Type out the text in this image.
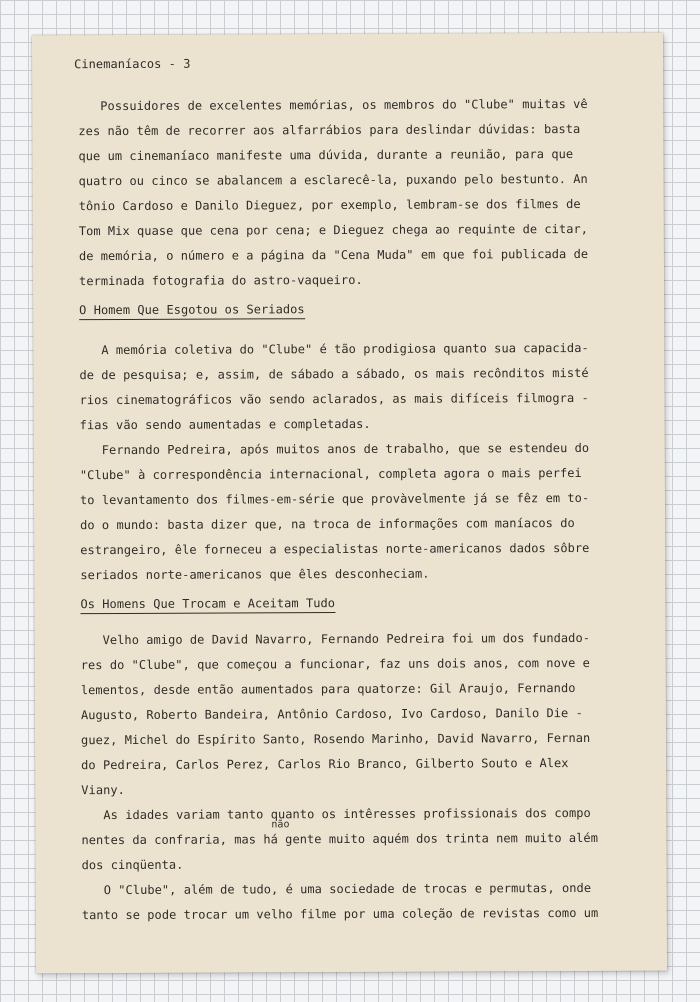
Cinemaníacos - 3
Possuidores de excelentes memórias, os membros do "Clube" muitas vê
zes não têm de recorrer aos alfarrábios para deslindar dúvidas: basta
que um cinemaníaco manifeste uma dúvida, durante a reunião, para que
quatro ou cinco se abalancem a esclarecê-la, puxando pelo bestunto. An
tônio Cardoso e Danilo Dieguez, por exemplo, lembram-se dos filmes de
Tom Mix quase que cena por cena; e Dieguez chega ao requinte de citar,
de memória, o número e a página da "Cena Muda" em que foi publicada de
terminada fotografia do astro-vaqueiro.
O Homem Que Esgotou os Seriados
A memória coletiva do "Clube" é tão prodigiosa quanto sua capacida-
de de pesquisa; e, assim, de sábado a sábado, os mais recônditos misté
rios cinematográficos vão sendo aclarados, as mais difíceis filmogra -
fias vão sendo aumentadas e completadas.
Fernando Pedreira, após muitos anos de trabalho, que se estendeu do
"Clube" à correspondência internacional, completa agora o mais perfei
to levantamento dos filmes-em-série que provàvelmente já se fêz em to-
do o mundo: basta dizer que, na troca de informações com maníacos do
estrangeiro, êle forneceu a especialistas norte-americanos dados sôbre
seriados norte-americanos que êles desconheciam.
Os Homens Que Trocam e Aceitam Tudo
Velho amigo de David Navarro, Fernando Pedreira foi um dos fundado-
res do "Clube", que começou a funcionar, faz uns dois anos, com nove e
lementos, desde então aumentados para quatorze: Gil Araujo, Fernando
Augusto, Roberto Bandeira, Antônio Cardoso, Ivo Cardoso, Danilo Die -
guez, Michel do Espírito Santo, Rosendo Marinho, David Navarro, Fernan
do Pedreira, Carlos Perez, Carlos Rio Branco, Gilberto Souto e Alex
Viany.
As idades variam tanto quanto os intêresses profissionais dos compo
não
nentes da confraria, mas há gente muito aquém dos trinta nem muito além
dos cinqüenta.
O "Clube", além de tudo, é uma sociedade de trocas e permutas, onde
tanto se pode trocar um velho filme por uma coleção de revistas como um
